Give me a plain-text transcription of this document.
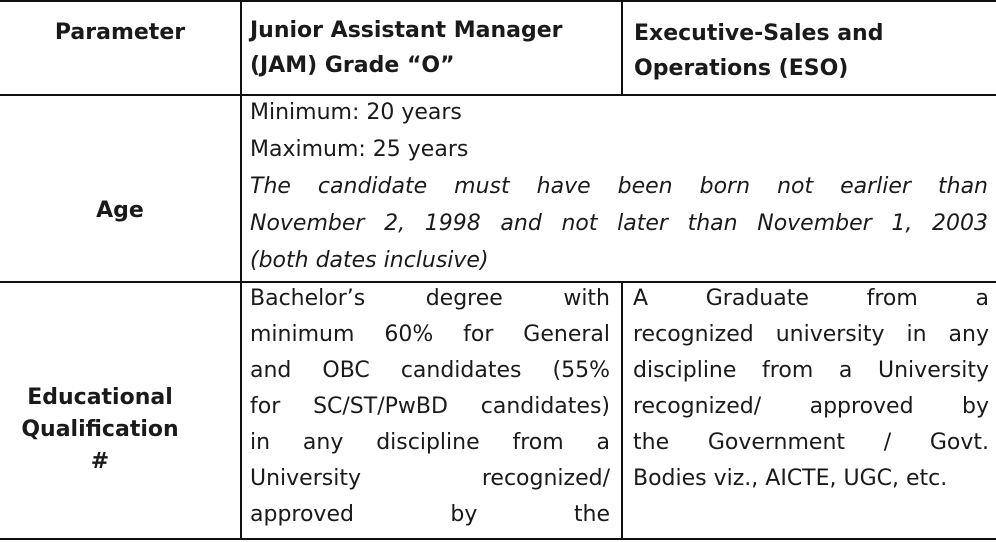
Parameter	Junior Assistant Manager
(JAM) Grade “O”
Executive-Sales and
Operations (ESO)
Age
Minimum: 20 years
Maximum: 25 years
The candidate must have been born not earlier than
November 2, 1998 and not later than November 1, 2003
(both dates inclusive)
Educational
Qualification
#
Bachelor’s degree with
minimum 60% for General
and OBC candidates (55%
for SC/ST/PwBD candidates)
in any discipline from a
University recognized/
approved by the
A Graduate from a
recognized university in any
discipline from a University
recognized/ approved by
the Government / Govt.
Bodies viz., AICTE, UGC, etc.
